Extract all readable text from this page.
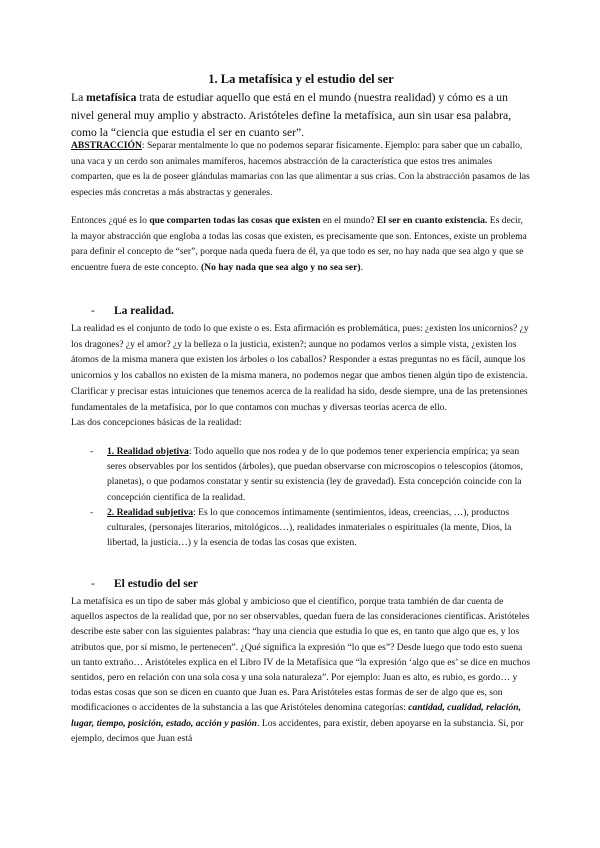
1. La metafísica y el estudio del ser

La metafísica trata de estudiar aquello que está en el mundo (nuestra realidad) y cómo es a un nivel general muy amplio y abstracto. Aristóteles define la metafísica, aun sin usar esa palabra, como la “ciencia que estudia el ser en cuanto ser”.

ABSTRACCIÓN: Separar mentalmente lo que no podemos separar físicamente. Ejemplo: para saber que un caballo, una vaca y un cerdo son animales mamíferos, hacemos abstracción de la característica que estos tres animales comparten, que es la de poseer glándulas mamarias con las que alimentar a sus crías. Con la abstracción pasamos de las especies más concretas a más abstractas y generales.

Entonces ¿qué es lo que comparten todas las cosas que existen en el mundo? El ser en cuanto existencia. Es decir, la mayor abstracción que engloba a todas las cosas que existen, es precisamente que son. Entonces, existe un problema para definir el concepto de “ser”, porque nada queda fuera de él, ya que todo es ser, no hay nada que sea algo y que se encuentre fuera de este concepto. (No hay nada que sea algo y no sea ser).

- La realidad.

La realidad es el conjunto de todo lo que existe o es. Esta afirmación es problemática, pues: ¿existen los unicornios? ¿y los dragones? ¿y el amor? ¿y la belleza o la justicia, existen?; aunque no podamos verlos a simple vista, ¿existen los átomos de la misma manera que existen los árboles o los caballos? Responder a estas preguntas no es fácil, aunque los unicornios y los caballos no existen de la misma manera, no podemos negar que ambos tienen algún tipo de existencia. Clarificar y precisar estas intuiciones que tenemos acerca de la realidad ha sido, desde siempre, una de las pretensiones fundamentales de la metafísica, por lo que contamos con muchas y diversas teorías acerca de ello.
Las dos concepciones básicas de la realidad:

- 1. Realidad objetiva: Todo aquello que nos rodea y de lo que podemos tener experiencia empírica; ya sean seres observables por los sentidos (árboles), que puedan observarse con microscopios o telescopios (átomos, planetas), o que podamos constatar y sentir su existencia (ley de gravedad). Esta concepción coincide con la concepción científica de la realidad.
- 2. Realidad subjetiva: Es lo que conocemos íntimamente (sentimientos, ideas, creencias, …), productos culturales, (personajes literarios, mitológicos…), realidades inmateriales o espirituales (la mente, Dios, la libertad, la justicia…) y la esencia de todas las cosas que existen.
- El estudio del ser

La metafísica es un tipo de saber más global y ambicioso que el científico, porque trata también de dar cuenta de aquellos aspectos de la realidad que, por no ser observables, quedan fuera de las consideraciones científicas. Aristóteles describe este saber con las siguientes palabras: “hay una ciencia que estudia lo que es, en tanto que algo que es, y los atributos que, por sí mismo, le pertenecen”. ¿Qué significa la expresión “lo que es”? Desde luego que todo esto suena un tanto extraño… Aristóteles explica en el Libro IV de la Metafísica que “la expresión ‘algo que es’ se dice en muchos sentidos, pero en relación con una sola cosa y una sola naturaleza”. Por ejemplo: Juan es alto, es rubio, es gordo… y todas estas cosas que son se dicen en cuanto que Juan es. Para Aristóteles estas formas de ser de algo que es, son modificaciones o accidentes de la substancia a las que Aristóteles denomina categorías: cantidad, cualidad, relación, lugar, tiempo, posición, estado, acción y pasión. Los accidentes, para existir, deben apoyarse en la substancia. Si, por ejemplo, decimos que Juan está
